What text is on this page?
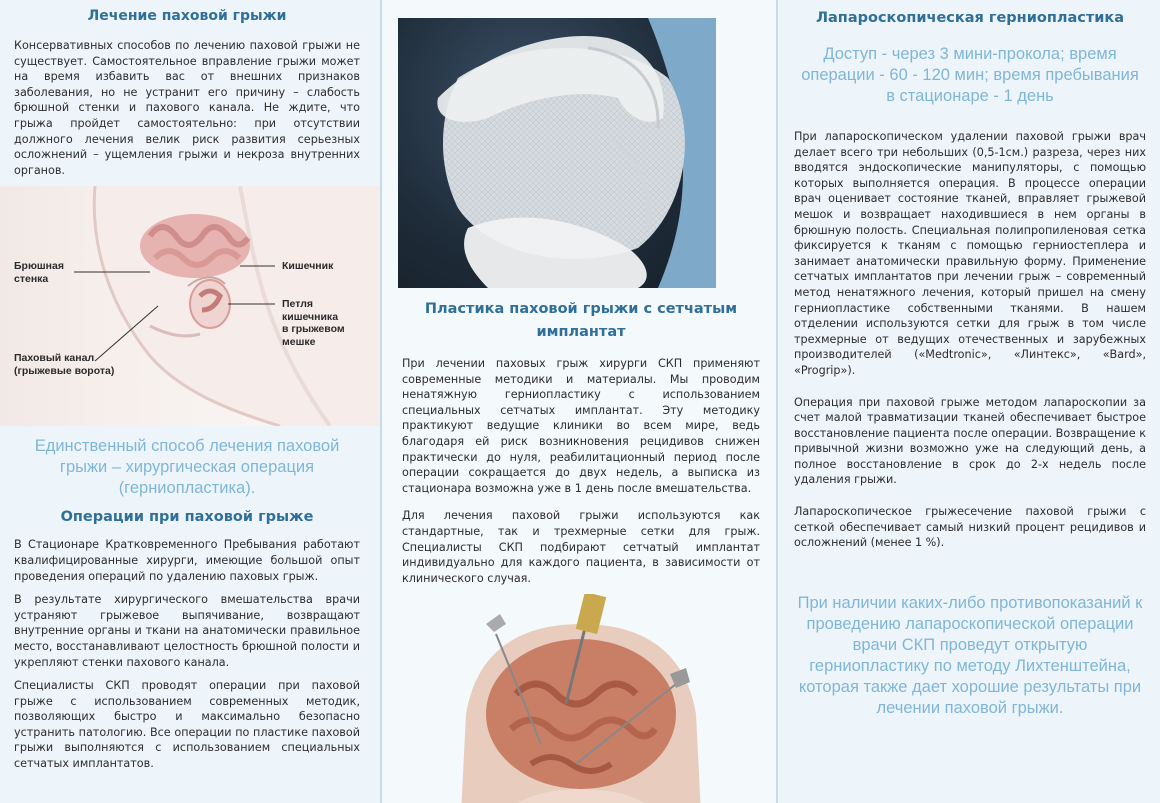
Лечение паховой грыжи

Консервативных способов по лечению паховой грыжи не существует. Самостоятельное вправление грыжи может на время избавить вас от внешних признаков заболевания, но не устранит его причину – слабость брюшной стенки и пахового канала. Не ждите, что грыжа пройдет самостоятельно: при отсутствии должного лечения велик риск развития серьезных осложнений – ущемления грыжи и некроза внутренних органов.

Брюшная
стенка
Кишечник
Петля
кишечника
в грыжевом
мешке
Паховый канал
(грыжевые ворота)

Единственный способ лечения паховой грыжи – хирургическая операция (герниопластика).

Операции при паховой грыже

В Стационаре Кратковременного Пребывания работают квалифицированные хирурги, имеющие большой опыт проведения операций по удалению паховых грыж.

В результате хирургического вмешательства врачи устраняют грыжевое выпячивание, возвращают внутренние органы и ткани на анатомически правильное место, восстанавливают целостность брюшной полости и укрепляют стенки пахового канала.

Специалисты СКП проводят операции при паховой грыже с использованием современных методик, позволяющих быстро и максимально безопасно устранить патологию. Все операции по пластике паховой грыжи выполняются с использованием специальных сетчатых имплантатов.

Пластика паховой грыжи с сетчатым имплантат

При лечении паховых грыж хирурги СКП применяют современные методики и материалы. Мы проводим ненатяжную герниопластику с использованием специальных сетчатых имплантат. Эту методику практикуют ведущие клиники во всем мире, ведь благодаря ей риск возникновения рецидивов снижен практически до нуля, реабилитационный период после операции сокращается до двух недель, а выписка из стационара возможна уже в 1 день после вмешательства.

Для лечения паховой грыжи используются как стандартные, так и трехмерные сетки для грыж. Специалисты СКП подбирают сетчатый имплантат индивидуально для каждого пациента, в зависимости от клинического случая.

Лапароскопическая герниопластика

Доступ - через 3 мини-прокола; время операции - 60 - 120 мин; время пребывания в стационаре - 1 день

При лапароскопическом удалении паховой грыжи врач делает всего три небольших (0,5-1см.) разреза, через них вводятся эндоскопические манипуляторы, с помощью которых выполняется операция. В процессе операции врач оценивает состояние тканей, вправляет грыжевой мешок и возвращает находившиеся в нем органы в брюшную полость. Специальная полипропиленовая сетка фиксируется к тканям с помощью герниостеплера и занимает анатомически правильную форму. Применение сетчатых имплантатов при лечении грыж – современный метод ненатяжного лечения, который пришел на смену герниопластике собственными тканями. В нашем отделении используются сетки для грыж в том числе трехмерные от ведущих отечественных и зарубежных производителей («Medtronic», «Линтекс», «Bard», «Progrip»).

Операция при паховой грыже методом лапароскопии за счет малой травматизации тканей обеспечивает быстрое восстановление пациента после операции. Возвращение к привычной жизни возможно уже на следующий день, а полное восстановление в срок до 2-х недель после удаления грыжи.

Лапароскопическое грыжесечение паховой грыжи с сеткой обеспечивает самый низкий процент рецидивов и осложнений (менее 1 %).

При наличии каких-либо противопоказаний к проведению лапароскопической операции врачи СКП проведут открытую герниопластику по методу Лихтенштейна, которая также дает хорошие результаты при лечении паховой грыжи.
